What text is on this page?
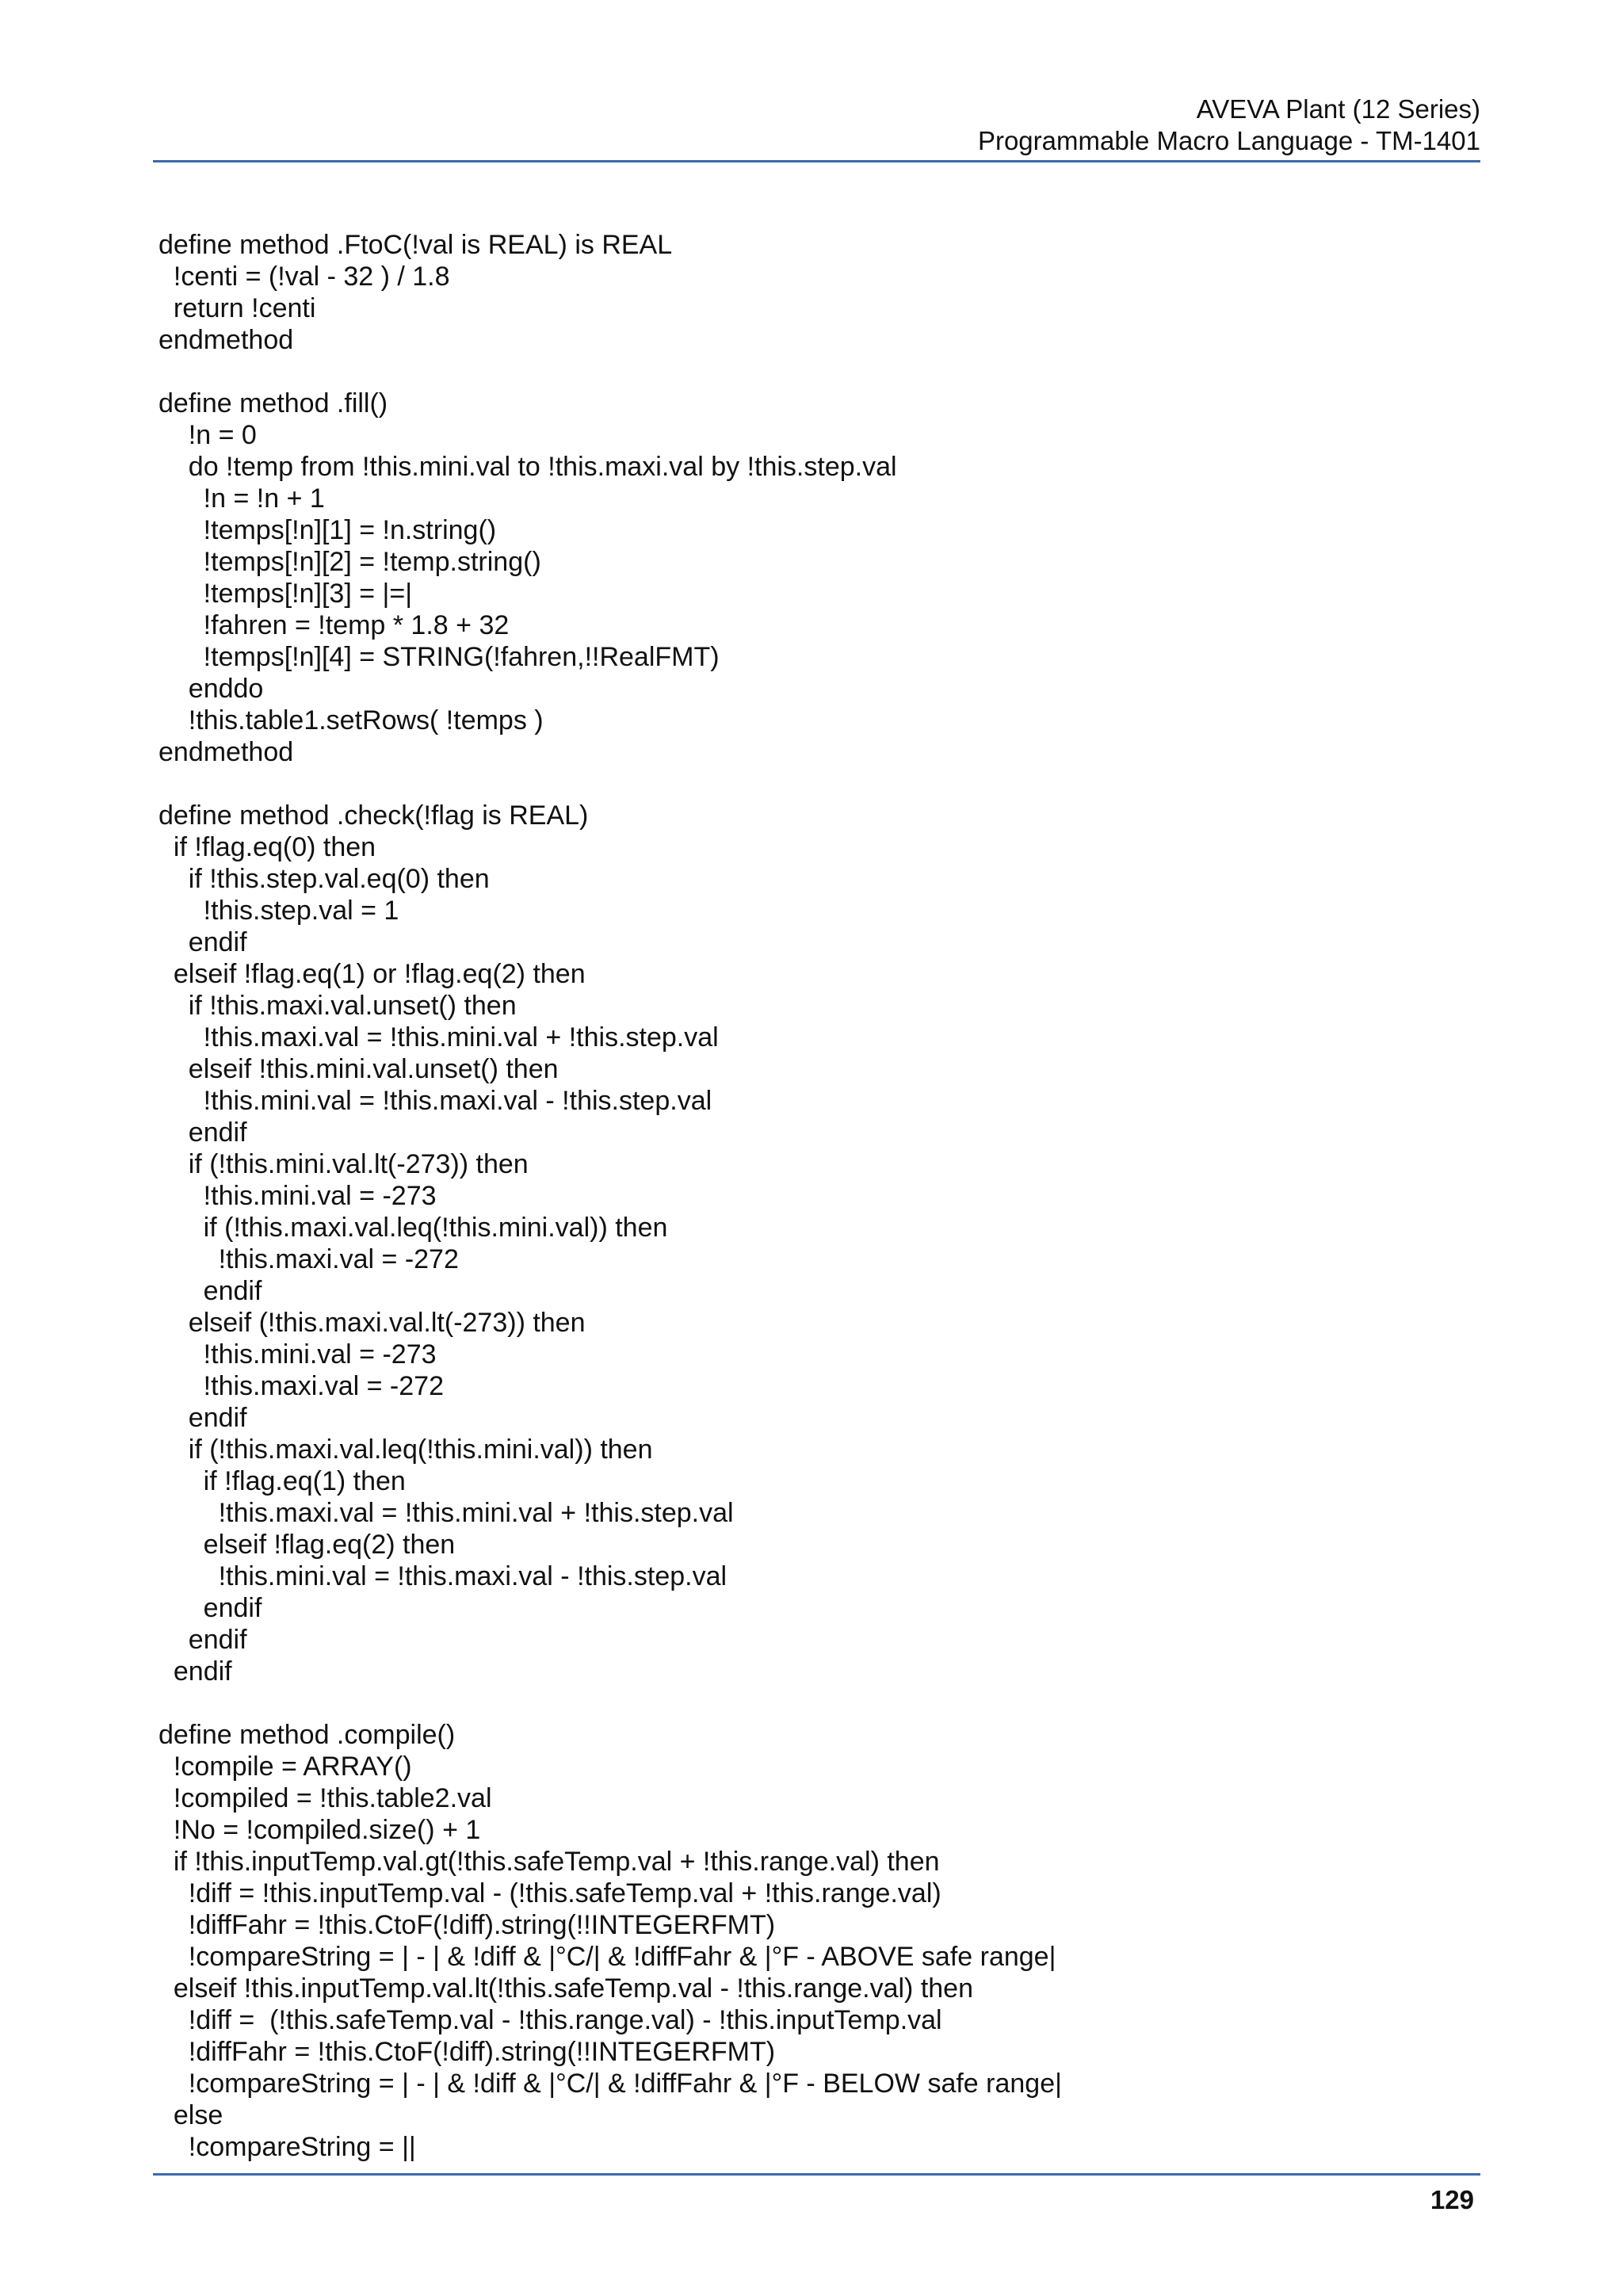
AVEVA Plant (12 Series)
Programmable Macro Language - TM-1401
define method .FtoC(!val is REAL) is REAL
!centi = (!val - 32 ) / 1.8
return !centi
endmethod
define method .fill()
!n = 0
do !temp from !this.mini.val to !this.maxi.val by !this.step.val
!n = !n + 1
!temps[!n][1] = !n.string()
!temps[!n][2] = !temp.string()
!temps[!n][3] = |=|
!fahren = !temp * 1.8 + 32
!temps[!n][4] = STRING(!fahren,!!RealFMT)
enddo
!this.table1.setRows( !temps )
endmethod
define method .check(!flag is REAL)
if !flag.eq(0) then
if !this.step.val.eq(0) then
!this.step.val = 1
endif
elseif !flag.eq(1) or !flag.eq(2) then
if !this.maxi.val.unset() then
!this.maxi.val = !this.mini.val + !this.step.val
elseif !this.mini.val.unset() then
!this.mini.val = !this.maxi.val - !this.step.val
endif
if (!this.mini.val.lt(-273)) then
!this.mini.val = -273
if (!this.maxi.val.leq(!this.mini.val)) then
!this.maxi.val = -272
endif
elseif (!this.maxi.val.lt(-273)) then
!this.mini.val = -273
!this.maxi.val = -272
endif
if (!this.maxi.val.leq(!this.mini.val)) then
if !flag.eq(1) then
!this.maxi.val = !this.mini.val + !this.step.val
elseif !flag.eq(2) then
!this.mini.val = !this.maxi.val - !this.step.val
endif
endif
endif
define method .compile()
!compile = ARRAY()
!compiled = !this.table2.val
!No = !compiled.size() + 1
if !this.inputTemp.val.gt(!this.safeTemp.val + !this.range.val) then
!diff = !this.inputTemp.val - (!this.safeTemp.val + !this.range.val)
!diffFahr = !this.CtoF(!diff).string(!!INTEGERFMT)
!compareString = | - | & !diff & |°C/| & !diffFahr & |°F - ABOVE safe range|
elseif !this.inputTemp.val.lt(!this.safeTemp.val - !this.range.val) then
!diff =  (!this.safeTemp.val - !this.range.val) - !this.inputTemp.val
!diffFahr = !this.CtoF(!diff).string(!!INTEGERFMT)
!compareString = | - | & !diff & |°C/| & !diffFahr & |°F - BELOW safe range|
else
!compareString = ||
129
